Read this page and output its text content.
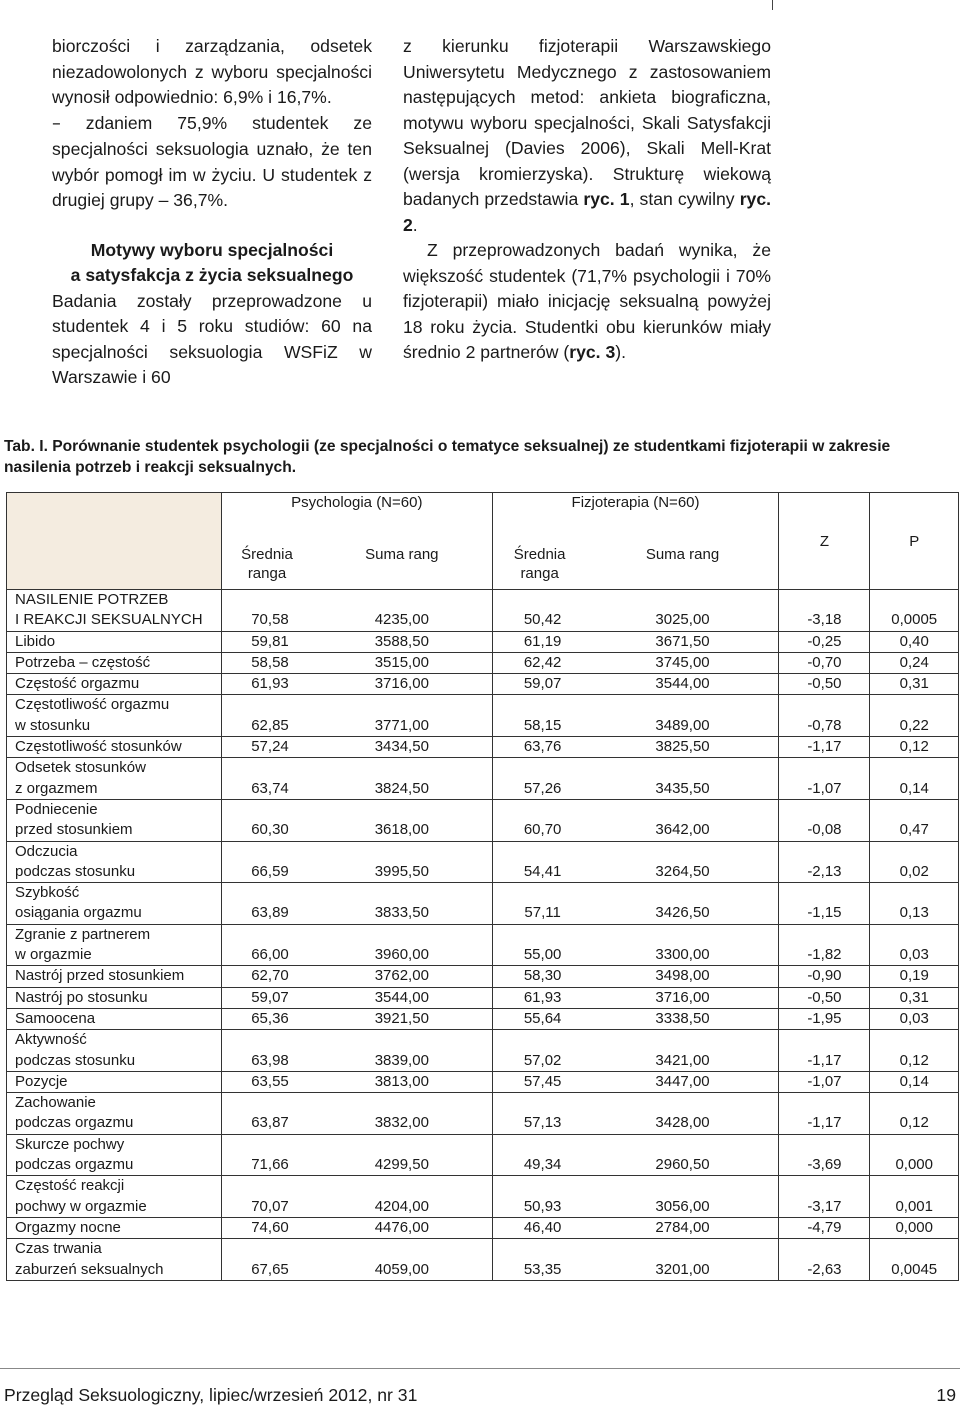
biorczości i zarządzania, odsetek niezadowolonych z wyboru specjalności wynosił odpowiednio: 6,9% i 16,7%.

– zdaniem 75,9% studentek ze specjalności seksuologia uznało, że ten wybór pomogł im w życiu. U studentek z drugiej grupy – 36,7%.

Motywy wyboru specjalności
a satysfakcja z życia seksualnego

Badania zostały przeprowadzone u studentek 4 i 5 roku studiów: 60 na specjalności seksuologia WSFiZ w Warszawie i 60

z kierunku fizjoterapii Warszawskiego Uniwersytetu Medycznego z zastosowaniem następujących metod: ankieta biograficzna, motywu wyboru specjalności, Skali Satysfakcji Seksualnej (Davies 2006), Skali Mell-Krat (wersja kromierzyska). Strukturę wiekową badanych przedstawia ryc. 1, stan cywilny ryc. 2.

Z przeprowadzonych badań wynika, że większość studentek (71,7% psychologii i 70% fizjoterapii) miało inicjację seksualną powyżej 18 roku życia. Studentki obu kierunków miały średnio 2 partnerów (ryc. 3).

Tab. I. Porównanie studentek psychologii (ze specjalności o tematyce seksualnej) ze studentkami fizjoterapii w zakresie nasilenia potrzeb i reakcji seksualnych.
	Psychologia (N=60)		Fizjoterapia (N=60)		Z	P
	Średnia ranga	Suma rang	Średnia ranga	Suma rang		

NASILENIE POTRZEB
I REAKCJI SEKSUALNYCH	70,58	4235,00	50,42	3025,00	-3,18	0,0005

Libido	59,81	3588,50	61,19	3671,50	-0,25	0,40

Potrzeba – częstość	58,58	3515,00	62,42	3745,00	-0,70	0,24

Częstość orgazmu	61,93	3716,00	59,07	3544,00	-0,50	0,31

Częstotliwość orgazmu
w stosunku	62,85	3771,00	58,15	3489,00	-0,78	0,22

Częstotliwość stosunków	57,24	3434,50	63,76	3825,50	-1,17	0,12

Odsetek stosunków
z orgazmem	63,74	3824,50	57,26	3435,50	-1,07	0,14

Podniecenie
przed stosunkiem	60,30	3618,00	60,70	3642,00	-0,08	0,47

Odczucia
podczas stosunku	66,59	3995,50	54,41	3264,50	-2,13	0,02

Szybkość
osiągania orgazmu	63,89	3833,50	57,11	3426,50	-1,15	0,13

Zgranie z partnerem
w orgazmie	66,00	3960,00	55,00	3300,00	-1,82	0,03

Nastrój przed stosunkiem	62,70	3762,00	58,30	3498,00	-0,90	0,19

Nastrój po stosunku	59,07	3544,00	61,93	3716,00	-0,50	0,31

Samoocena	65,36	3921,50	55,64	3338,50	-1,95	0,03

Aktywność
podczas stosunku	63,98	3839,00	57,02	3421,00	-1,17	0,12

Pozycje	63,55	3813,00	57,45	3447,00	-1,07	0,14

Zachowanie
podczas orgazmu	63,87	3832,00	57,13	3428,00	-1,17	0,12

Skurcze pochwy
podczas orgazmu	71,66	4299,50	49,34	2960,50	-3,69	0,000

Częstość reakcji
pochwy w orgazmie	70,07	4204,00	50,93	3056,00	-3,17	0,001

Orgazmy nocne	74,60	4476,00	46,40	2784,00	-4,79	0,000

Czas trwania
zaburzeń seksualnych	67,65	4059,00	53,35	3201,00	-2,63	0,0045
Przegląd Seksuologiczny, lipiec/wrzesień 2012, nr 31	19
